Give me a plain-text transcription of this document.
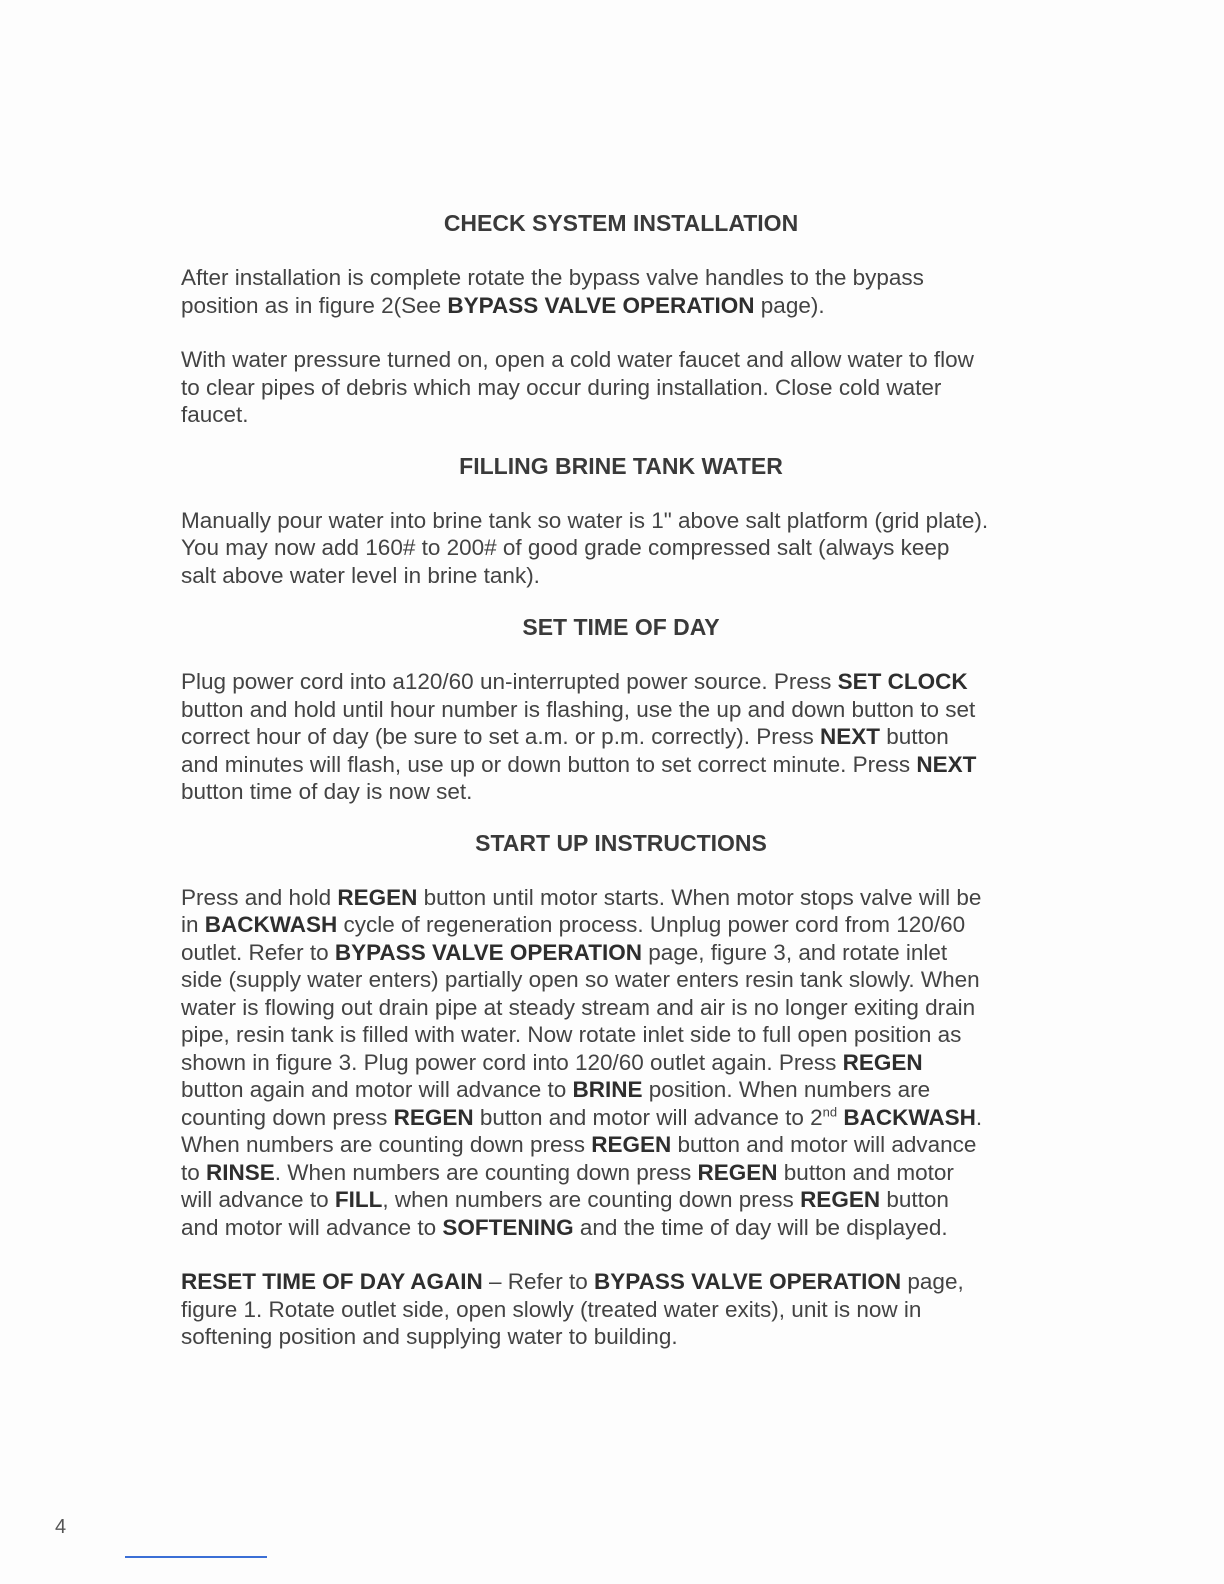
CHECK SYSTEM INSTALLATION

After installation is complete rotate the bypass valve handles to the bypass
position as in figure 2(See BYPASS VALVE OPERATION page).

With water pressure turned on, open a cold water faucet and allow water to flow
to clear pipes of debris which may occur during installation. Close cold water
faucet.

FILLING BRINE TANK WATER

Manually pour water into brine tank so water is 1" above salt platform (grid plate).
You may now add 160# to 200# of good grade compressed salt (always keep
salt above water level in brine tank).

SET TIME OF DAY

Plug power cord into a120/60 un-interrupted power source. Press SET CLOCK
button and hold until hour number is flashing, use the up and down button to set
correct hour of day (be sure to set a.m. or p.m. correctly). Press NEXT button
and minutes will flash, use up or down button to set correct minute. Press NEXT
button time of day is now set.

START UP INSTRUCTIONS

Press and hold REGEN button until motor starts. When motor stops valve will be
in BACKWASH cycle of regeneration process. Unplug power cord from 120/60
outlet. Refer to BYPASS VALVE OPERATION page, figure 3, and rotate inlet
side (supply water enters) partially open so water enters resin tank slowly. When
water is flowing out drain pipe at steady stream and air is no longer exiting drain
pipe, resin tank is filled with water. Now rotate inlet side to full open position as
shown in figure 3. Plug power cord into 120/60 outlet again. Press REGEN
button again and motor will advance to BRINE position. When numbers are
counting down press REGEN button and motor will advance to 2nd BACKWASH.
When numbers are counting down press REGEN button and motor will advance
to RINSE. When numbers are counting down press REGEN button and motor
will advance to FILL, when numbers are counting down press REGEN button
and motor will advance to SOFTENING and the time of day will be displayed.

RESET TIME OF DAY AGAIN – Refer to BYPASS VALVE OPERATION page,
figure 1. Rotate outlet side, open slowly (treated water exits), unit is now in
softening position and supplying water to building.

4
